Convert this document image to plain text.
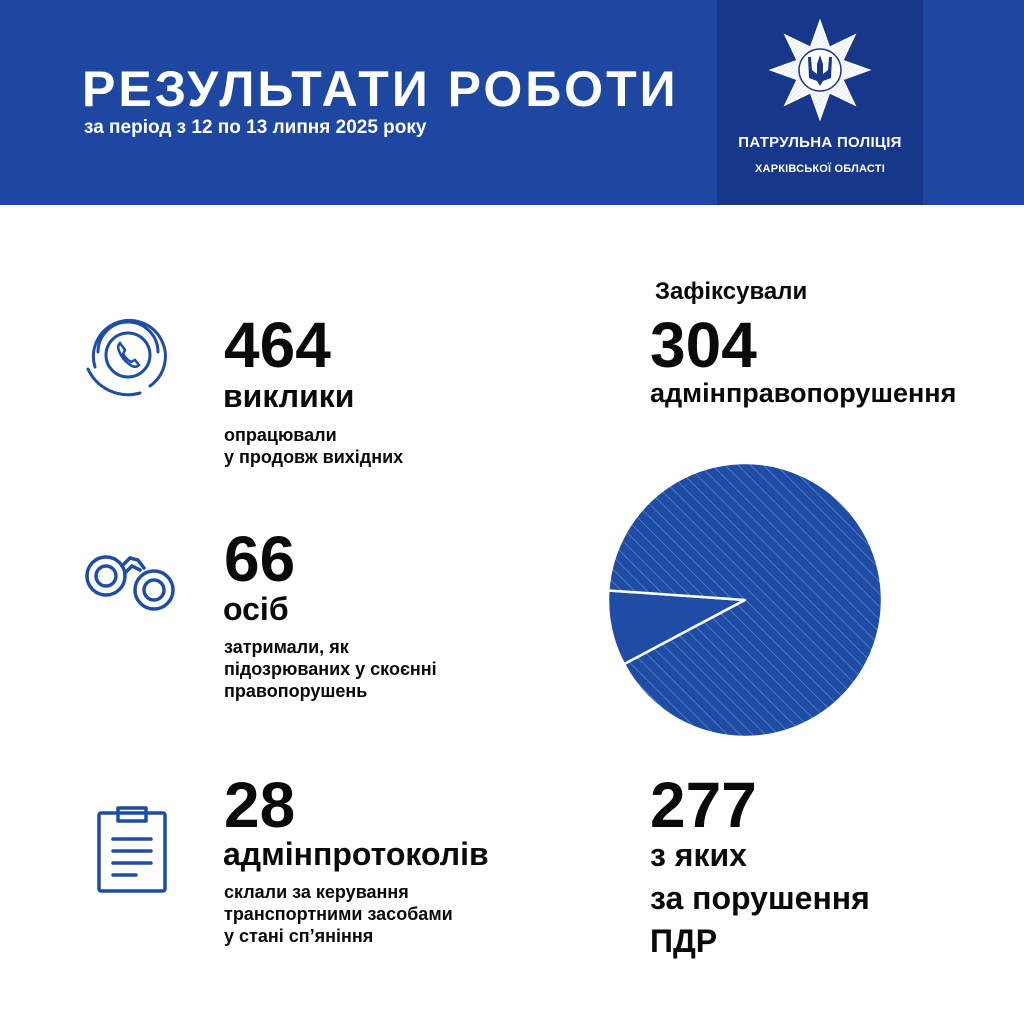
РЕЗУЛЬТАТИ РОБОТИ
за період з 12 по 13 липня 2025 року
ПАТРУЛЬНА ПОЛІЦІЯ
ХАРКІВСЬКОЇ ОБЛАСТІ
464
виклики
опрацювали
у продовж вихідних
66
осіб
затримали, як
підозрюваних у скоєнні
правопорушень
28
адмінпротоколів
склали за керування
транспортними засобами
у стані сп’яніння
Зафіксували
304
адмінправопорушення
277
з яких
за порушення
ПДР
